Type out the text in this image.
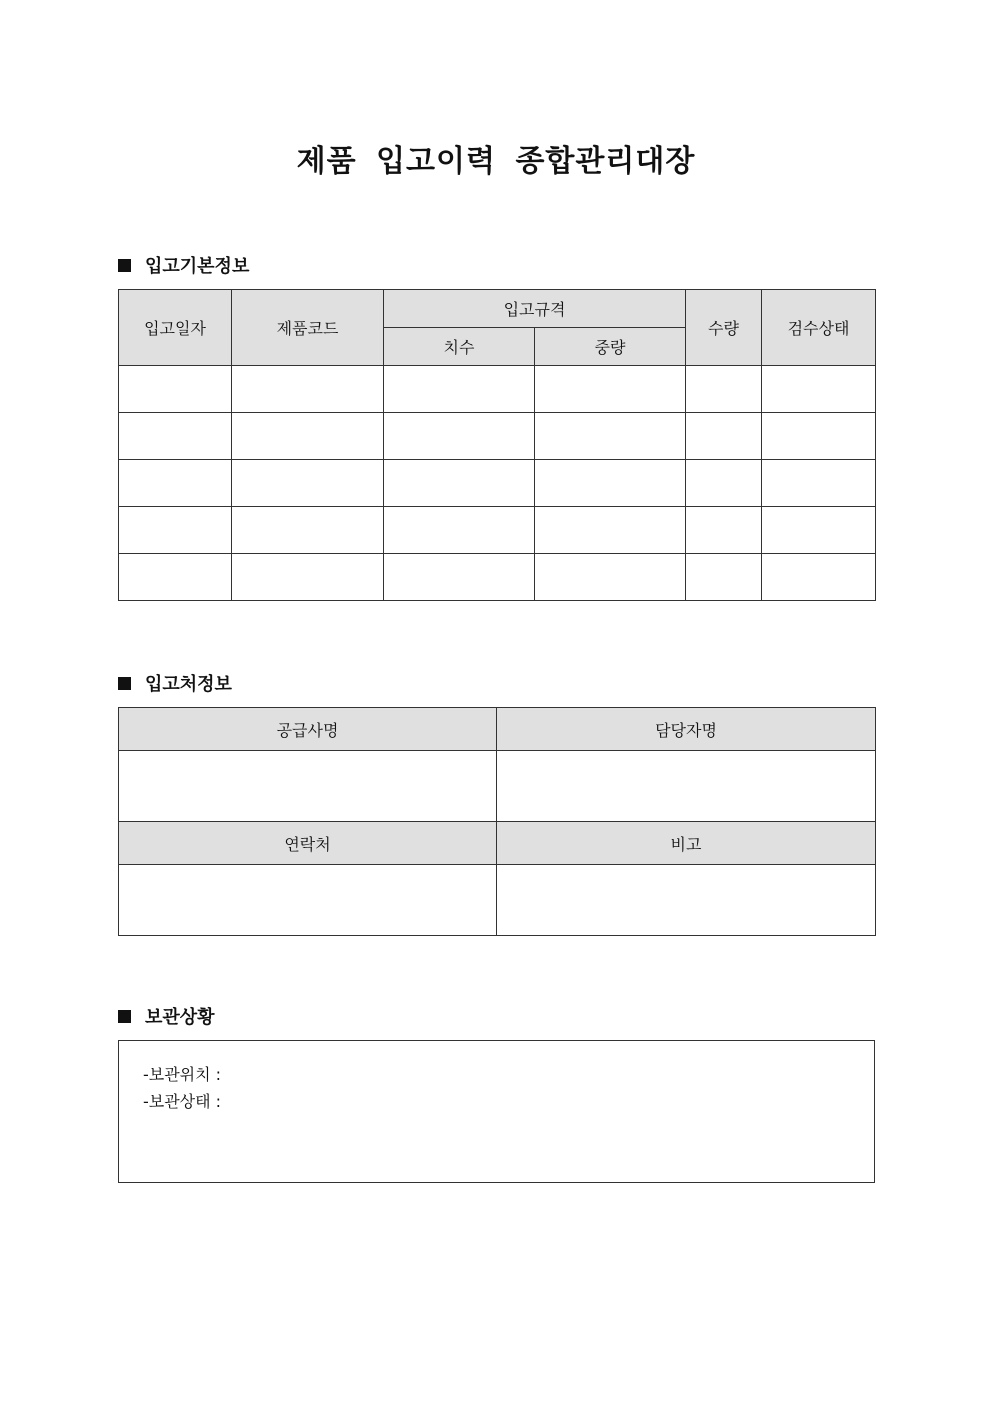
제품 입고이력 종합관리대장
입고기본정보
입고일자	제품코드	입고규격		수량	검수상태
		치수	중량		

입고처정보
공급사명	담당자명

연락처	비고

보관상황
-보관위치 :
-보관상태 :
